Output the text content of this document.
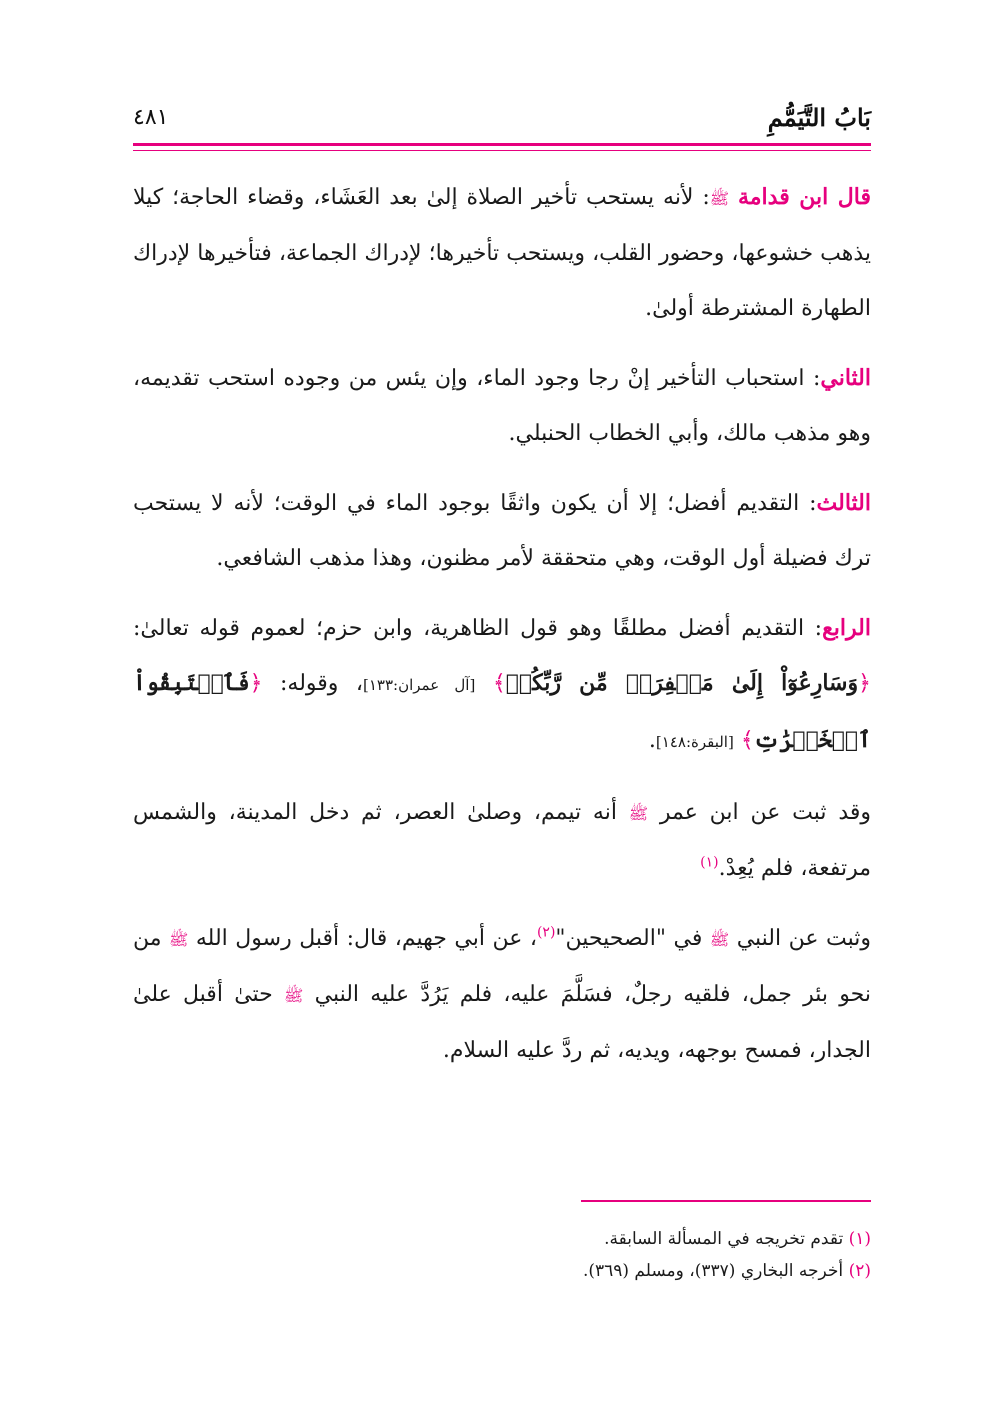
بَابُ التَّيَمُّمِ
٤٨١

قال ابن قدامة ﷺ: لأنه يستحب تأخير الصلاة إلىٰ بعد العَشَاء، وقضاء الحاجة؛ كيلا يذهب خشوعها، وحضور القلب، ويستحب تأخيرها؛ لإدراك الجماعة، فتأخيرها لإدراك الطهارة المشترطة أولىٰ.

الثاني: استحباب التأخير إنْ رجا وجود الماء، وإن يئس من وجوده استحب تقديمه، وهو مذهب مالك، وأبي الخطاب الحنبلي.

الثالث: التقديم أفضل؛ إلا أن يكون واثقًا بوجود الماء في الوقت؛ لأنه لا يستحب ترك فضيلة أول الوقت، وهي متحققة لأمر مظنون، وهذا مذهب الشافعي.

الرابع: التقديم أفضل مطلقًا وهو قول الظاهرية، وابن حزم؛ لعموم قوله تعالىٰ: ﴿وَسَارِعُوٓاْ إِلَىٰ مَغۡفِرَةٖ مِّن رَّبِّكُمۡ﴾ [آل عمران:١٣٣]، وقوله: ﴿فَٱسۡتَبِقُواْ ٱلۡخَيۡرَٰتِ﴾ [البقرة:١٤٨].

وقد ثبت عن ابن عمر ﷺ أنه تيمم، وصلىٰ العصر، ثم دخل المدينة، والشمس مرتفعة، فلم يُعِدْ.$^{(١)}$

وثبت عن النبي ﷺ في "الصحيحين"$^{(٢)}$، عن أبي جهيم، قال: أقبل رسول الله ﷺ من نحو بئر جمل، فلقيه رجلٌ، فسَلَّمَ عليه، فلم يَرُدَّ عليه النبي ﷺ حتىٰ أقبل علىٰ الجدار، فمسح بوجهه، ويديه، ثم ردَّ عليه السلام.

(١) تقدم تخريجه في المسألة السابقة.
(٢) أخرجه البخاري (٣٣٧)، ومسلم (٣٦٩).
